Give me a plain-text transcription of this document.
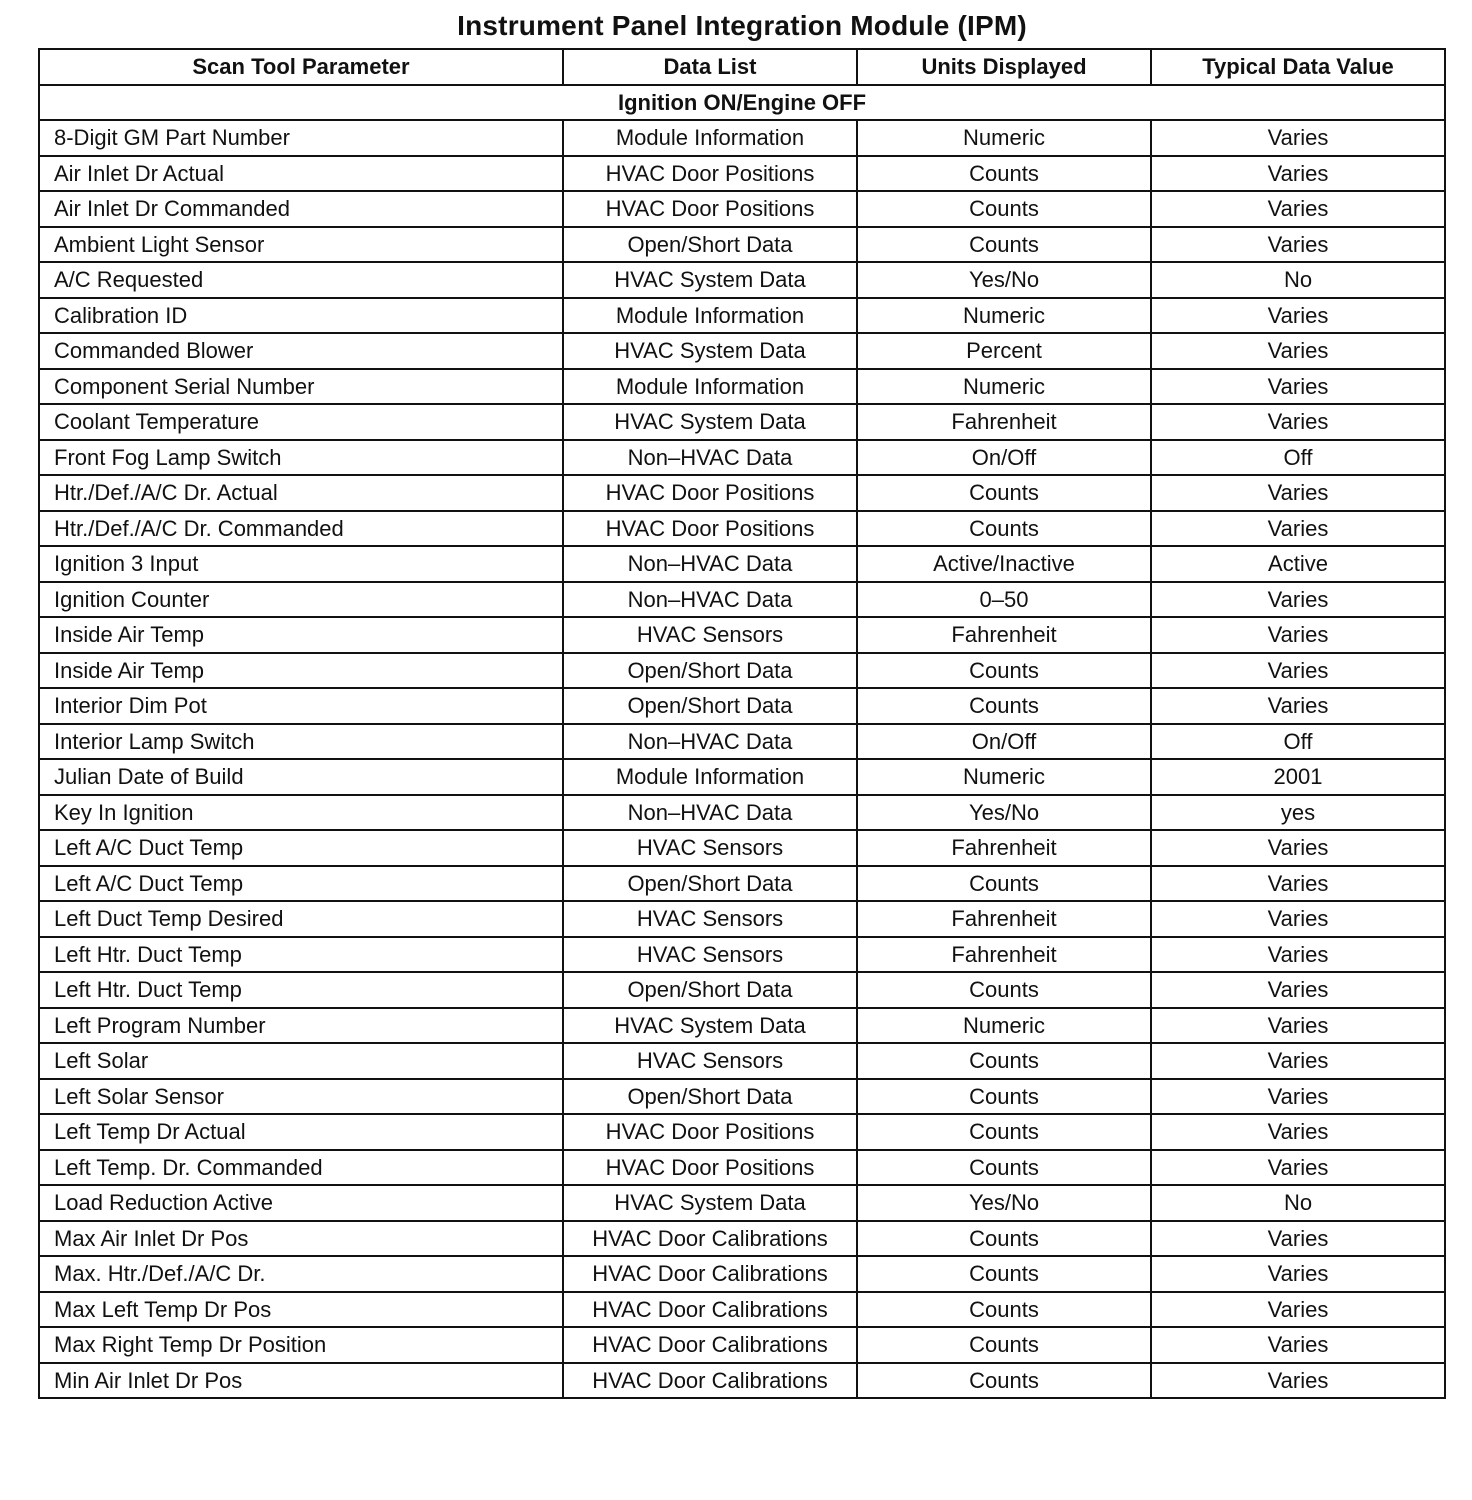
Instrument Panel Integration Module (IPM)
Scan Tool Parameter	Data List	Units Displayed	Typical Data Value
Ignition ON/Engine OFF			
8-Digit GM Part Number	Module Information	Numeric	Varies
Air Inlet Dr Actual	HVAC Door Positions	Counts	Varies
Air Inlet Dr Commanded	HVAC Door Positions	Counts	Varies
Ambient Light Sensor	Open/Short Data	Counts	Varies
A/C Requested	HVAC System Data	Yes/No	No
Calibration ID	Module Information	Numeric	Varies
Commanded Blower	HVAC System Data	Percent	Varies
Component Serial Number	Module Information	Numeric	Varies
Coolant Temperature	HVAC System Data	Fahrenheit	Varies
Front Fog Lamp Switch	Non–HVAC Data	On/Off	Off
Htr./Def./A/C Dr. Actual	HVAC Door Positions	Counts	Varies
Htr./Def./A/C Dr. Commanded	HVAC Door Positions	Counts	Varies
Ignition 3 Input	Non–HVAC Data	Active/Inactive	Active
Ignition Counter	Non–HVAC Data	0–50	Varies
Inside Air Temp	HVAC Sensors	Fahrenheit	Varies
Inside Air Temp	Open/Short Data	Counts	Varies
Interior Dim Pot	Open/Short Data	Counts	Varies
Interior Lamp Switch	Non–HVAC Data	On/Off	Off
Julian Date of Build	Module Information	Numeric	2001
Key In Ignition	Non–HVAC Data	Yes/No	yes
Left A/C Duct Temp	HVAC Sensors	Fahrenheit	Varies
Left A/C Duct Temp	Open/Short Data	Counts	Varies
Left Duct Temp Desired	HVAC Sensors	Fahrenheit	Varies
Left Htr. Duct Temp	HVAC Sensors	Fahrenheit	Varies
Left Htr. Duct Temp	Open/Short Data	Counts	Varies
Left Program Number	HVAC System Data	Numeric	Varies
Left Solar	HVAC Sensors	Counts	Varies
Left Solar Sensor	Open/Short Data	Counts	Varies
Left Temp Dr Actual	HVAC Door Positions	Counts	Varies
Left Temp. Dr. Commanded	HVAC Door Positions	Counts	Varies
Load Reduction Active	HVAC System Data	Yes/No	No
Max Air Inlet Dr Pos	HVAC Door Calibrations	Counts	Varies
Max. Htr./Def./A/C Dr.	HVAC Door Calibrations	Counts	Varies
Max Left Temp Dr Pos	HVAC Door Calibrations	Counts	Varies
Max Right Temp Dr Position	HVAC Door Calibrations	Counts	Varies
Min Air Inlet Dr Pos	HVAC Door Calibrations	Counts	Varies
